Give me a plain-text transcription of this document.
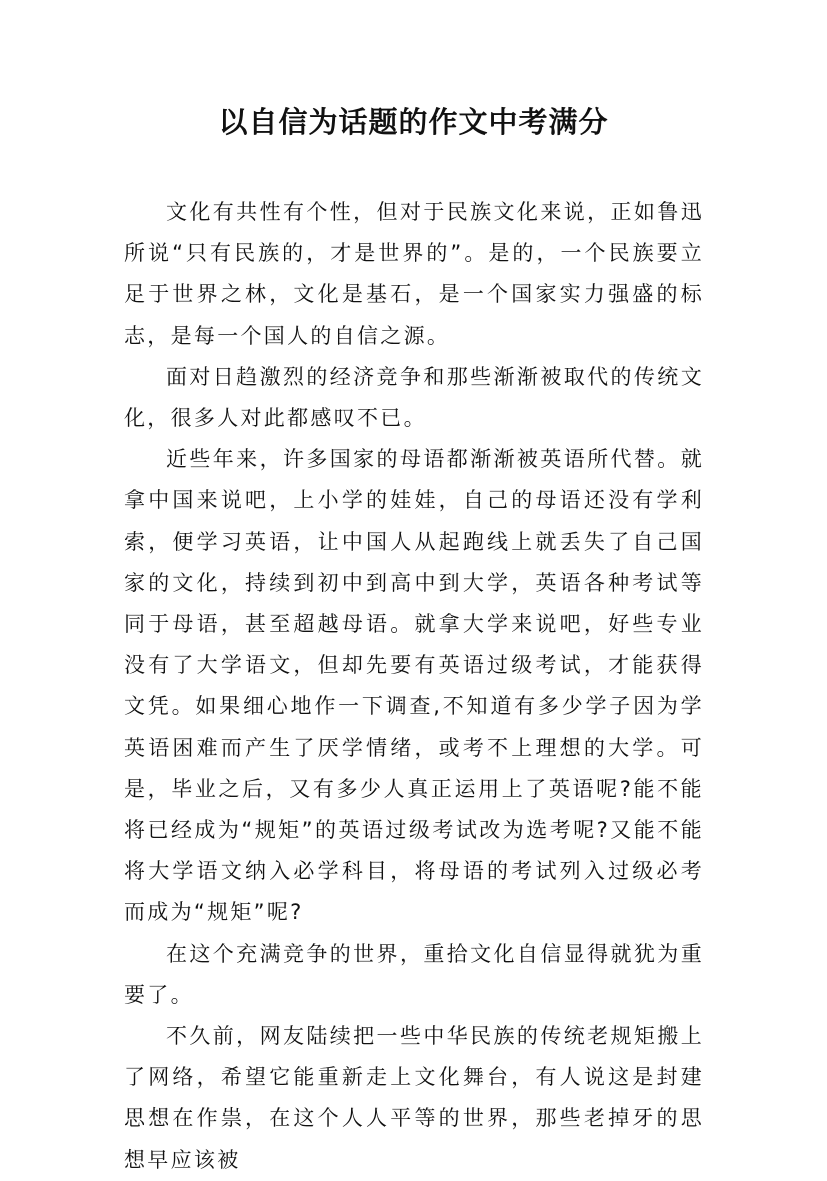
以自信为话题的作文中考满分

文化有共性有个性，但对于民族文化来说，正如鲁迅所说“只有民族的，才是世界的”。是的，一个民族要立足于世界之林，文化是基石，是一个国家实力强盛的标志，是每一个国人的自信之源。

面对日趋激烈的经济竞争和那些渐渐被取代的传统文化，很多人对此都感叹不已。

近些年来，许多国家的母语都渐渐被英语所代替。就拿中国来说吧，上小学的娃娃，自己的母语还没有学利索，便学习英语，让中国人从起跑线上就丢失了自己国家的文化，持续到初中到高中到大学，英语各种考试等同于母语，甚至超越母语。就拿大学来说吧，好些专业没有了大学语文，但却先要有英语过级考试，才能获得文凭。如果细心地作一下调查,不知道有多少学子因为学英语困难而产生了厌学情绪，或考不上理想的大学。可是，毕业之后，又有多少人真正运用上了英语呢?能不能将已经成为“规矩”的英语过级考试改为选考呢?又能不能将大学语文纳入必学科目，将母语的考试列入过级必考而成为“规矩”呢?

在这个充满竞争的世界，重拾文化自信显得就犹为重要了。

不久前，网友陆续把一些中华民族的传统老规矩搬上了网络，希望它能重新走上文化舞台，有人说这是封建思想在作祟，在这个人人平等的世界，那些老掉牙的思想早应该被
